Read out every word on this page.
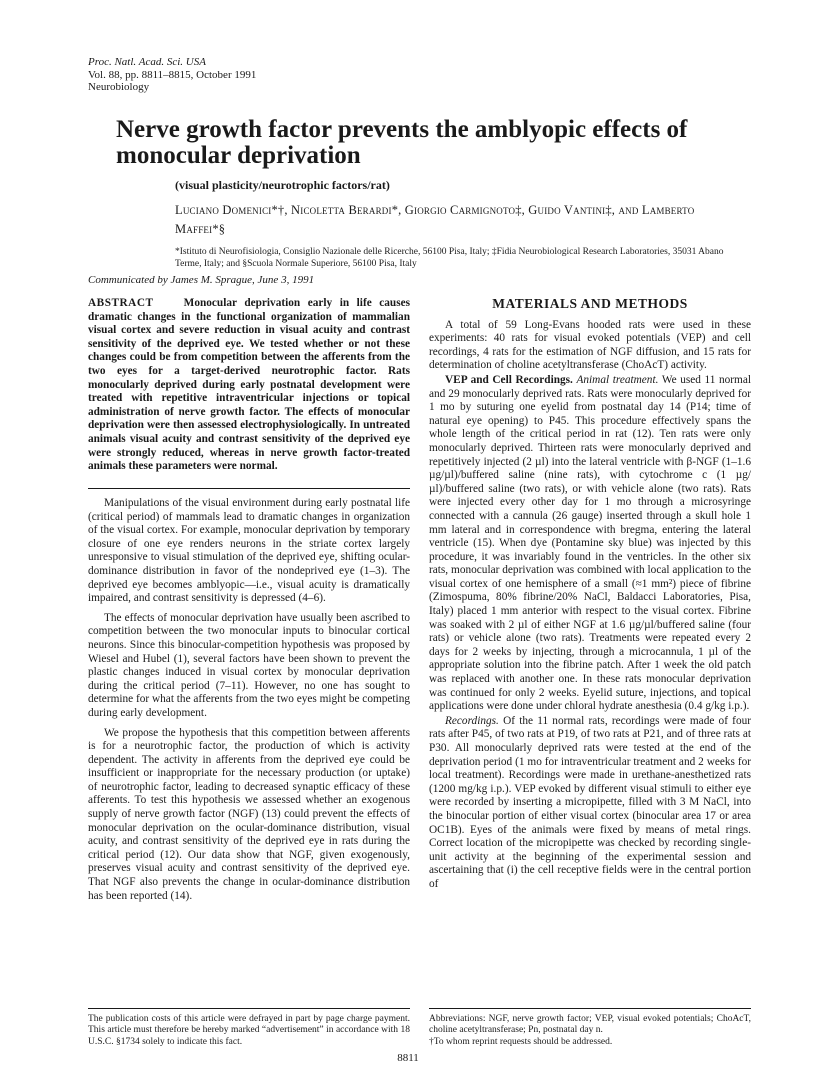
Proc. Natl. Acad. Sci. USA
Vol. 88, pp. 8811–8815, October 1991
Neurobiology
Nerve growth factor prevents the amblyopic effects of monocular deprivation
(visual plasticity/neurotrophic factors/rat)
Luciano Domenici*†, Nicoletta Berardi*, Giorgio Carmignoto‡, Guido Vantini‡, and Lamberto Maffei*§
*Istituto di Neurofisiologia, Consiglio Nazionale delle Ricerche, 56100 Pisa, Italy; ‡Fidia Neurobiological Research Laboratories, 35031 Abano Terme, Italy; and §Scuola Normale Superiore, 56100 Pisa, Italy
Communicated by James M. Sprague, June 3, 1991

ABSTRACT	Monocular deprivation early in life causes dramatic changes in the functional organization of mammalian visual cortex and severe reduction in visual acuity and contrast sensitivity of the deprived eye. We tested whether or not these changes could be from competition between the afferents from the two eyes for a target-derived neurotrophic factor. Rats monocularly deprived during early postnatal development were treated with repetitive intraventricular injections or topical administration of nerve growth factor. The effects of monocular deprivation were then assessed electrophysiologically. In untreated animals visual acuity and contrast sensitivity of the deprived eye were strongly reduced, whereas in nerve growth factor-treated animals these parameters were normal.

Manipulations of the visual environment during early postnatal life (critical period) of mammals lead to dramatic changes in organization of the visual cortex. For example, monocular deprivation by temporary closure of one eye renders neurons in the striate cortex largely unresponsive to visual stimulation of the deprived eye, shifting ocular-dominance distribution in favor of the nondeprived eye (1–3). The deprived eye becomes amblyopic—i.e., visual acuity is dramatically impaired, and contrast sensitivity is depressed (4–6).

The effects of monocular deprivation have usually been ascribed to competition between the two monocular inputs to binocular cortical neurons. Since this binocular-competition hypothesis was proposed by Wiesel and Hubel (1), several factors have been shown to prevent the plastic changes induced in visual cortex by monocular deprivation during the critical period (7–11). However, no one has sought to determine for what the afferents from the two eyes might be competing during early development.

We propose the hypothesis that this competition between afferents is for a neurotrophic factor, the production of which is activity dependent. The activity in afferents from the deprived eye could be insufficient or inappropriate for the necessary production (or uptake) of neurotrophic factor, leading to decreased synaptic efficacy of these afferents. To test this hypothesis we assessed whether an exogenous supply of nerve growth factor (NGF) (13) could prevent the effects of monocular deprivation on the ocular-dominance distribution, visual acuity, and contrast sensitivity of the deprived eye in rats during the critical period (12). Our data show that NGF, given exogenously, preserves visual acuity and contrast sensitivity of the deprived eye. That NGF also prevents the change in ocular-dominance distribution has been reported (14).

The publication costs of this article were defrayed in part by page charge payment. This article must therefore be hereby marked “advertisement” in accordance with 18 U.S.C. §1734 solely to indicate this fact.
MATERIALS AND METHODS

A total of 59 Long-Evans hooded rats were used in these experiments: 40 rats for visual evoked potentials (VEP) and cell recordings, 4 rats for the estimation of NGF diffusion, and 15 rats for determination of choline acetyltransferase (ChoAcT) activity.

VEP and Cell Recordings. Animal treatment. We used 11 normal and 29 monocularly deprived rats. Rats were monocularly deprived for 1 mo by suturing one eyelid from postnatal day 14 (P14; time of natural eye opening) to P45. This procedure effectively spans the whole length of the critical period in rat (12). Ten rats were only monocularly deprived. Thirteen rats were monocularly deprived and repetitively injected (2 µl) into the lateral ventricle with β-NGF (1–1.6 µg/µl)/buffered saline (nine rats), with cytochrome c (1 µg/µl)/buffered saline (two rats), or with vehicle alone (two rats). Rats were injected every other day for 1 mo through a microsyringe connected with a cannula (26 gauge) inserted through a skull hole 1 mm lateral and in correspondence with bregma, entering the lateral ventricle (15). When dye (Pontamine sky blue) was injected by this procedure, it was invariably found in the ventricles. In the other six rats, monocular deprivation was combined with local application to the visual cortex of one hemisphere of a small (≈1 mm²) piece of fibrine (Zimospuma, 80% fibrine/20% NaCl, Baldacci Laboratories, Pisa, Italy) placed 1 mm anterior with respect to the visual cortex. Fibrine was soaked with 2 µl of either NGF at 1.6 µg/µl/buffered saline (four rats) or vehicle alone (two rats). Treatments were repeated every 2 days for 2 weeks by injecting, through a microcannula, 1 µl of the appropriate solution into the fibrine patch. After 1 week the old patch was replaced with another one. In these rats monocular deprivation was continued for only 2 weeks. Eyelid suture, injections, and topical applications were done under chloral hydrate anesthesia (0.4 g/kg i.p.).

Recordings. Of the 11 normal rats, recordings were made of four rats after P45, of two rats at P19, of two rats at P21, and of three rats at P30. All monocularly deprived rats were tested at the end of the deprivation period (1 mo for intraventricular treatment and 2 weeks for local treatment). Recordings were made in urethane-anesthetized rats (1200 mg/kg i.p.). VEP evoked by different visual stimuli to either eye were recorded by inserting a micropipette, filled with 3 M NaCl, into the binocular portion of either visual cortex (binocular area 17 or area OC1B). Eyes of the animals were fixed by means of metal rings. Correct location of the micropipette was checked by recording single-unit activity at the beginning of the experimental session and ascertaining that (i) the cell receptive fields were in the central portion of

Abbreviations: NGF, nerve growth factor; VEP, visual evoked potentials; ChoAcT, choline acetyltransferase; Pn, postnatal day n.
†To whom reprint requests should be addressed.
8811
